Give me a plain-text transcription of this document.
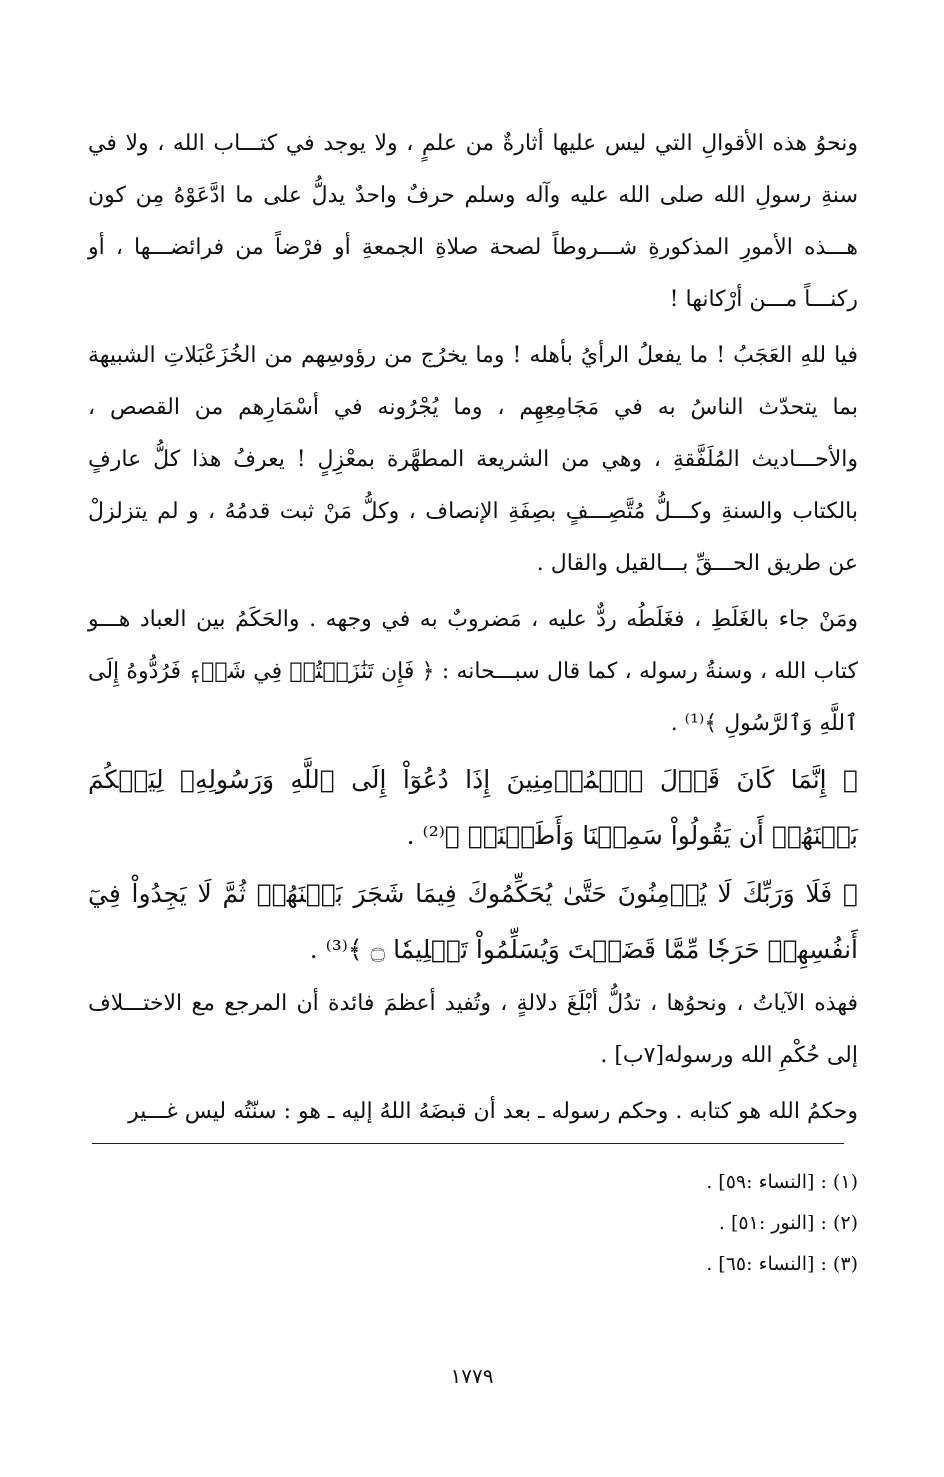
ونحوُ هذه الأقوالِ التي ليس عليها أثارةٌ من علمٍ ، ولا يوجد في كتـــاب الله ، ولا في سنةِ رسولِ الله صلى الله عليه وآله وسلم حرفٌ واحدٌ يدلُّ على ما ادَّعَوْهُ مِن كون هـــذه الأمورِ المذكورةِ شـــروطاً لصحة صلاةِ الجمعةِ أو فرْضاً من فرائضـــها ، أو ركنـــاً مـــن أرْكانها !

فيا للهِ العَجَبُ ! ما يفعلُ الرأيُ بأهله ! وما يخرُج من رؤوسِهم من الخُزَعْبَلاتِ الشبيهة بما يتحدّث الناسُ به في مَجَامِعِهِم ، وما يُجْرُونه في أسْمَارِهم من القصص ، والأحـــاديث المُلَفَّقةِ ، وهي من الشريعة المطهَّرة بمعْزِلٍ ! يعرفُ هذا كلُّ عارفٍ بالكتاب والسنةِ وكـــلُّ مُتَّصِـــفٍ بصِفَةِ الإنصاف ، وكلُّ مَنْ ثبت قدمُهُ ، و لم يتزلزلْ عن طريق الحـــقِّ بـــالقيل والقال .

ومَنْ جاء بالغَلَطِ ، فغَلَطُه ردٌّ عليه ، مَضروبٌ به في وجهه . والحَكَمُ بين العباد هـــو كتاب الله ، وسنةُ رسوله ، كما قال سبـــحانه : ﴿ فَإِن تَنَٰزَعۡتُمۡ فِي شَيۡءٖ فَرُدُّوهُ إِلَى ٱللَّهِ وَٱلرَّسُولِ ﴾⁽¹⁾ .

﴿ إِنَّمَا كَانَ قَوۡلَ ٱلۡمُؤۡمِنِينَ إِذَا دُعُوٓاْ إِلَى ٱللَّهِ وَرَسُولِهِۦ لِيَحۡكُمَ بَيۡنَهُمۡ أَن يَقُولُواْ سَمِعۡنَا وَأَطَعۡنَاۚ ﴾⁽²⁾ .

﴿ فَلَا وَرَبِّكَ لَا يُؤۡمِنُونَ حَتَّىٰ يُحَكِّمُوكَ فِيمَا شَجَرَ بَيۡنَهُمۡ ثُمَّ لَا يَجِدُواْ فِيٓ أَنفُسِهِمۡ حَرَجٗا مِّمَّا قَضَيۡتَ وَيُسَلِّمُواْ تَسۡلِيمٗا ۝ ﴾⁽³⁾ .

فهذه الآياتُ ، ونحوُها ، تدُلُّ أبْلَغَ دلالةٍ ، وتُفيد أعظمَ فائدة أن المرجع مع الاختـــلاف إلى حُكْمِ الله ورسوله[٧ب] .

وحكمُ الله هو كتابه . وحكم رسوله ـ بعد أن قبضَهُ اللهُ إليه ـ هو : سنّتُه ليس غـــير

(١) : [النساء :٥٩] .

(٢) : [النور :٥١] .

(٣) : [النساء :٦٥] .

١٧٧٩
